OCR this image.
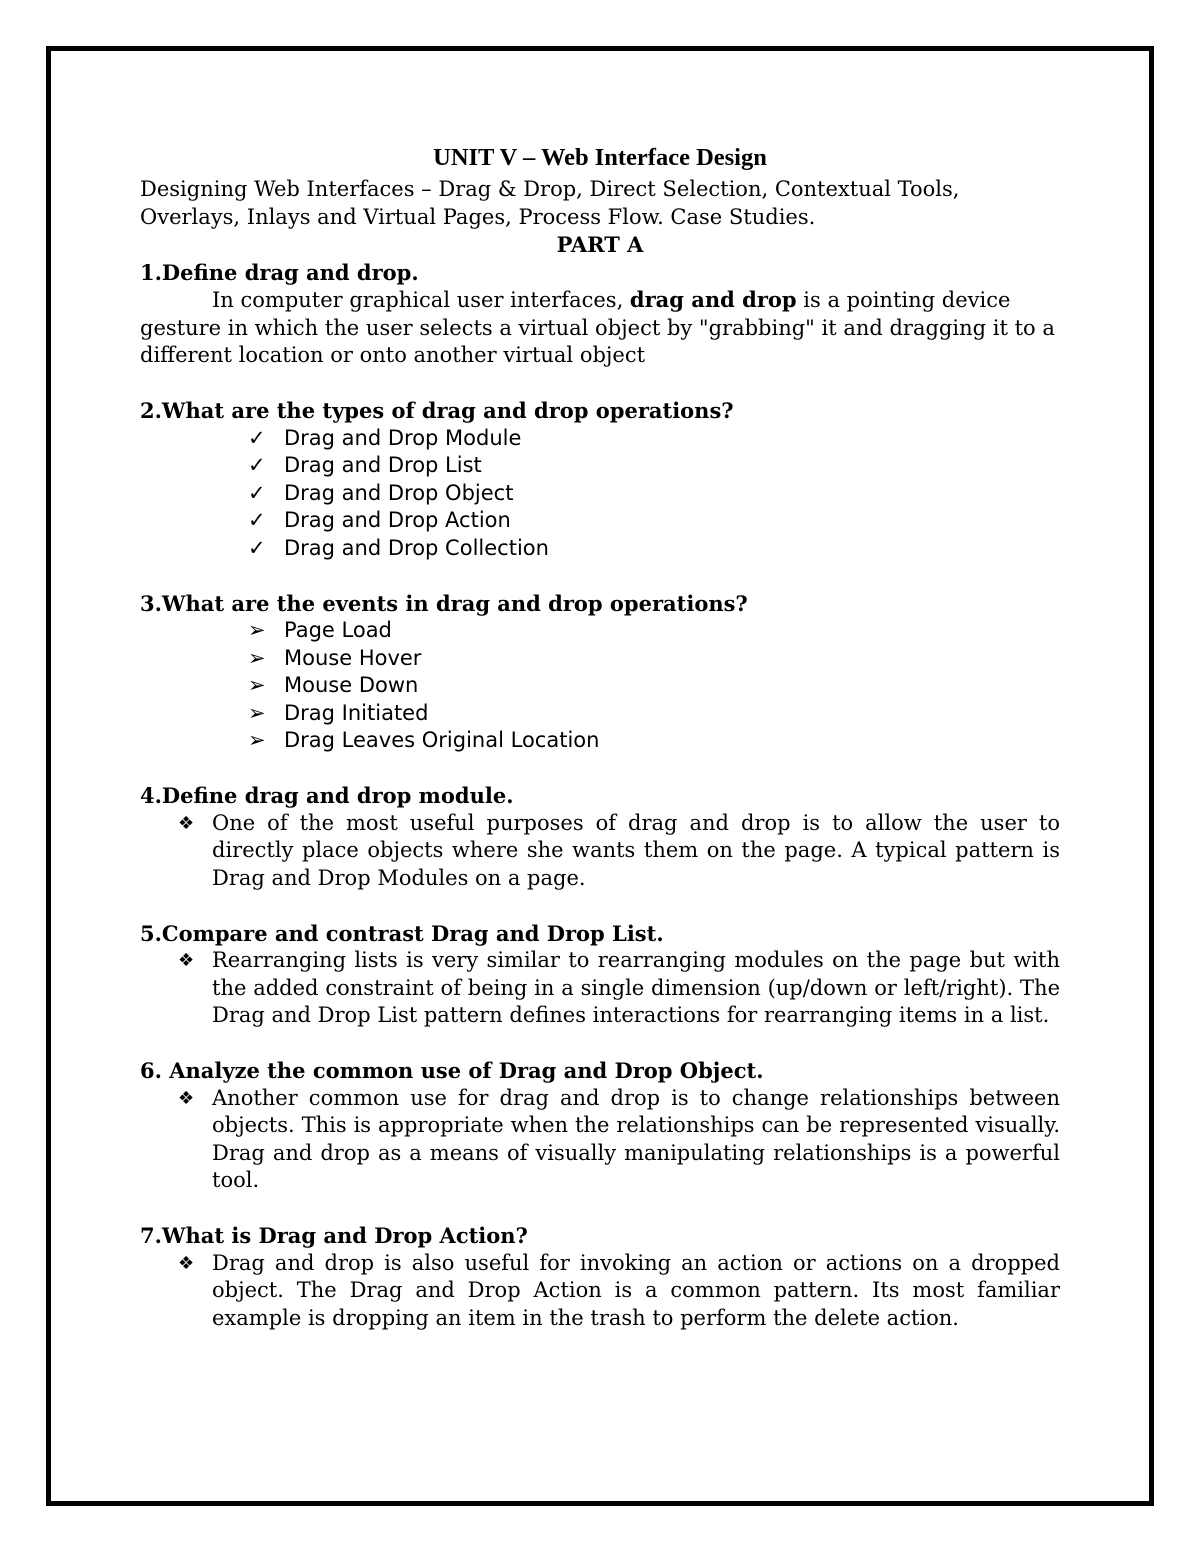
UNIT V – Web Interface Design

Designing Web Interfaces – Drag & Drop, Direct Selection, Contextual Tools, Overlays, Inlays and Virtual Pages, Process Flow. Case Studies.

PART A

1.Define drag and drop.

In computer graphical user interfaces, drag and drop is a pointing device gesture in which the user selects a virtual object by "grabbing" it and dragging it to a different location or onto another virtual object

2.What are the types of drag and drop operations?

✓ Drag and Drop Module
✓ Drag and Drop List
✓ Drag and Drop Object
✓ Drag and Drop Action
✓ Drag and Drop Collection

3.What are the events in drag and drop operations?

➢ Page Load
➢ Mouse Hover
➢ Mouse Down
➢ Drag Initiated
➢ Drag Leaves Original Location

4.Define drag and drop module.

❖ One of the most useful purposes of drag and drop is to allow the user to directly place objects where she wants them on the page. A typical pattern is Drag and Drop Modules on a page.

5.Compare and contrast Drag and Drop List.

❖ Rearranging lists is very similar to rearranging modules on the page but with the added constraint of being in a single dimension (up/down or left/right). The Drag and Drop List pattern defines interactions for rearranging items in a list.

6. Analyze the common use of Drag and Drop Object.

❖ Another common use for drag and drop is to change relationships between objects. This is appropriate when the relationships can be represented visually. Drag and drop as a means of visually manipulating relationships is a powerful tool.

7.What is Drag and Drop Action?

❖ Drag and drop is also useful for invoking an action or actions on a dropped object. The Drag and Drop Action is a common pattern. Its most familiar example is dropping an item in the trash to perform the delete action.
